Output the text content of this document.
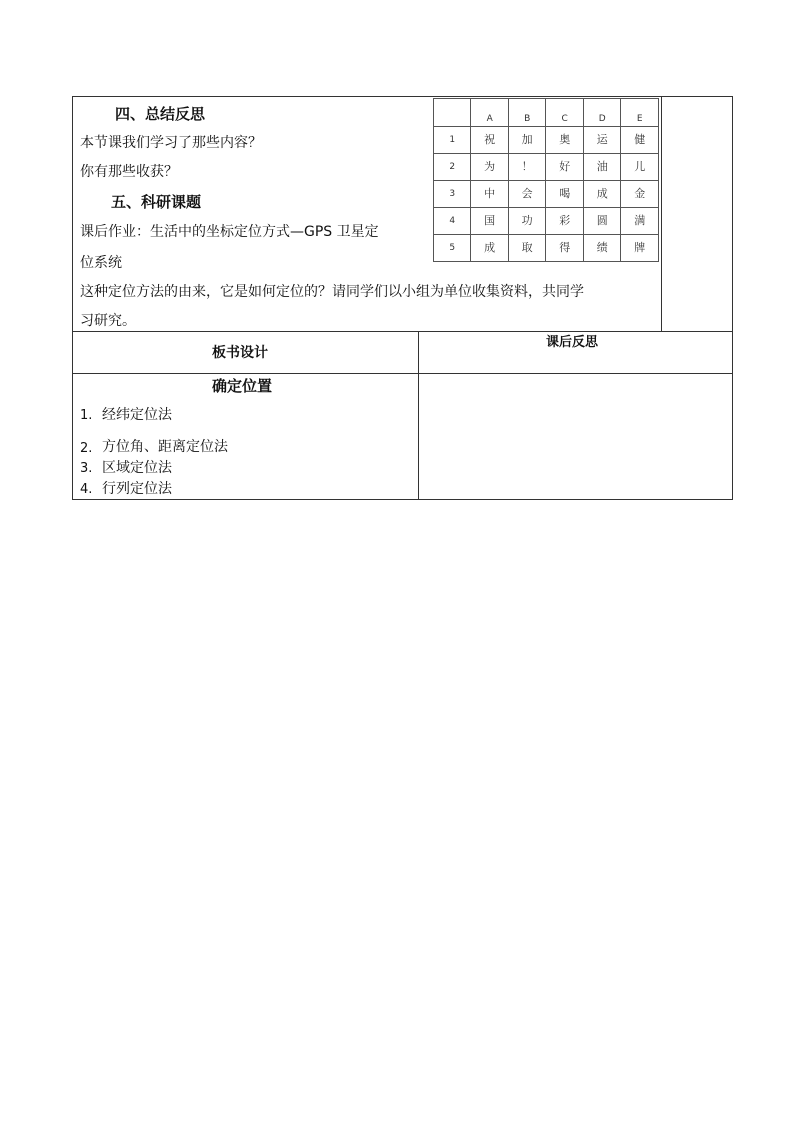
四、总结反思
本节课我们学习了那些内容？
你有那些收获？
五、科研课题
课后作业：生活中的坐标定位方式—GPS 卫星定
位系统
这种定位方法的由来，它是如何定位的？请同学们以小组为单位收集资料，共同学
习研究。
	A	B	C	D	E
1	祝	加	奥	运	健
2	为	！	好	油	儿
3	中	会	喝	成	金
4	国	功	彩	圆	满
5	成	取	得	绩	牌
板书设计
课后反思
确定位置
1. 经纬定位法
2. 方位角、距离定位法
3. 区域定位法
4. 行列定位法
